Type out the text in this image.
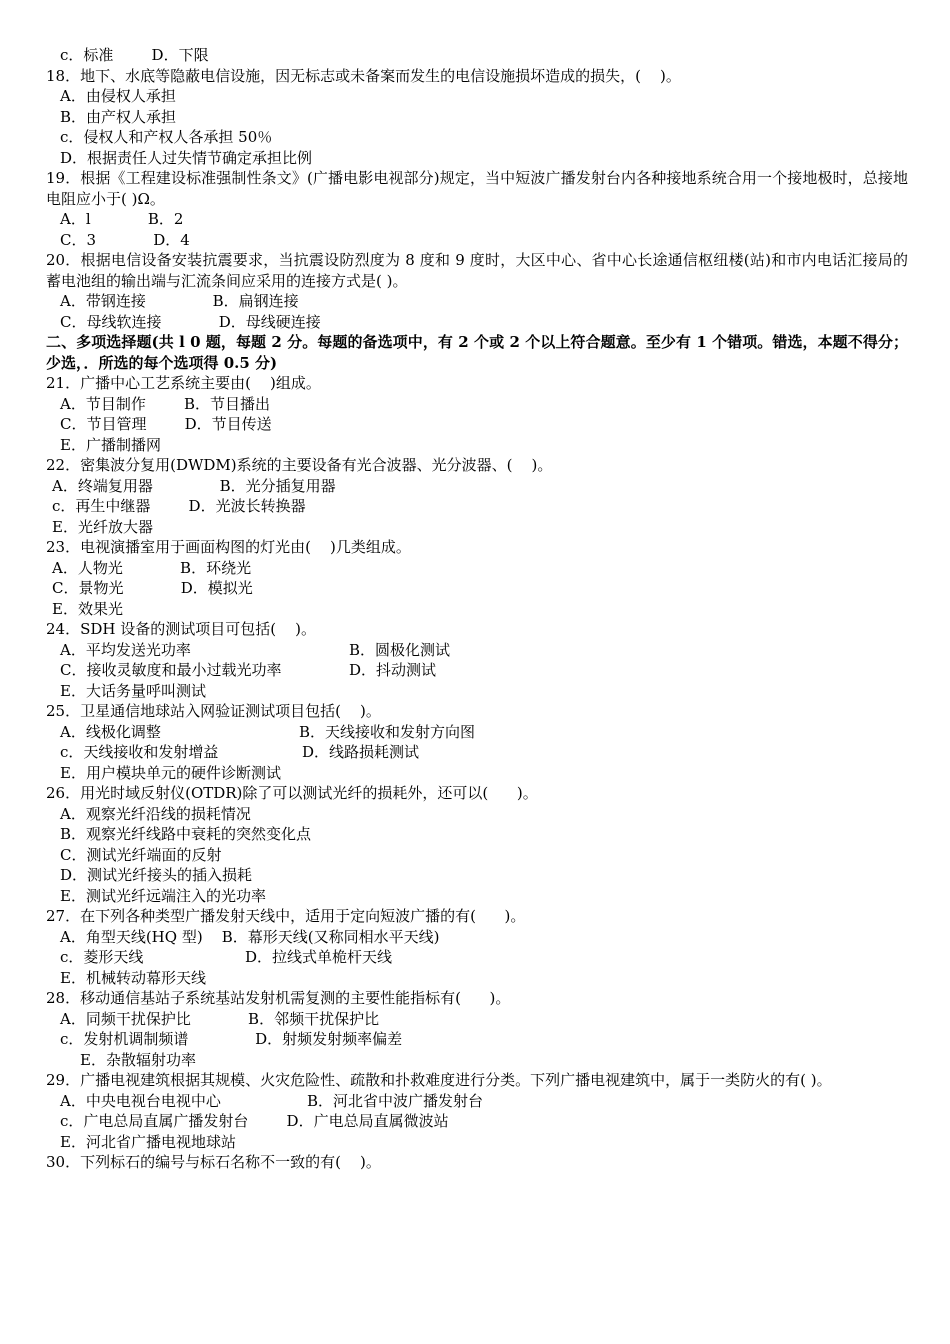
c．标准        D．下限
18．地下、水底等隐蔽电信设施，因无标志或未备案而发生的电信设施损坏造成的损失，(    )。
A．由侵权人承担
B．由产权人承担
c．侵权人和产权人各承担 50％
D．根据责任人过失情节确定承担比例
19．根据《工程建设标准强制性条文》(广播电影电视部分)规定，当中短波广播发射台内各种接地系统合用一个接地极时，总接地电阻应小于( )Ω。
A．l            B．2
C．3            D．4
20．根据电信设备安装抗震要求，当抗震设防烈度为 8 度和 9 度时，大区中心、省中心长途通信枢纽楼(站)和市内电话汇接局的蓄电池组的输出端与汇流条间应采用的连接方式是( )。
A．带钢连接              B．扁钢连接
C．母线软连接            D．母线硬连接
二、多项选择题(共 l 0 题，每题 2 分。每题的备选项中，有 2 个或 2 个以上符合题意。至少有 1 个错项。错选，本题不得分；少选，．所选的每个选项得 0.5 分)
21．广播中心工艺系统主要由(    )组成。
A．节目制作        B．节目播出
C．节目管理        D．节目传送
E．广播制播网
22．密集波分复用(DWDM)系统的主要设备有光合波器、光分波器、(    )。
A．终端复用器              B．光分插复用器
c．再生中继器        D．光波长转换器
E．光纤放大器
23．电视演播室用于画面构图的灯光由(    )几类组成。
A．人物光            B．环绕光
C．景物光            D．模拟光
E．效果光
24．SDH 设备的测试项目可包括(    )。
A．平均发送光功率	B．圆极化测试
C．接收灵敏度和最小过载光功率	D．抖动测试
E．大话务量呼叫测试
25．卫星通信地球站入网验证测试项目包括(    )。
A．线极化调整	B．天线接收和发射方向图
c．天线接收和发射增益	D．线路损耗测试
E．用户模块单元的硬件诊断测试
26．用光时域反射仪(OTDR)除了可以测试光纤的损耗外，还可以(      )。
A．观察光纤沿线的损耗情况
B．观察光纤线路中衰耗的突然变化点
C．测试光纤端面的反射
D．测试光纤接头的插入损耗
E．测试光纤远端注入的光功率
27．在下列各种类型广播发射天线中，适用于定向短波广播的有(      )。
A．角型天线(HQ 型)    B．幕形天线(又称同相水平天线)
c．菱形天线	D．拉线式单桅杆天线
E．机械转动幕形天线
28．移动通信基站子系统基站发射机需复测的主要性能指标有(      )。
A．同频干扰保护比            B．邻频干扰保护比
c．发射机调制频谱              D．射频发射频率偏差
E．杂散辐射功率
29．广播电视建筑根据其规模、火灾危险性、疏散和扑救难度进行分类。下列广播电视建筑中，属于一类防火的有( )。
A．中央电视台电视中心	B．河北省中波广播发射台
c．广电总局直属广播发射台        D．广电总局直属微波站
E．河北省广播电视地球站
30．下列标石的编号与标石名称不一致的有(    )。
